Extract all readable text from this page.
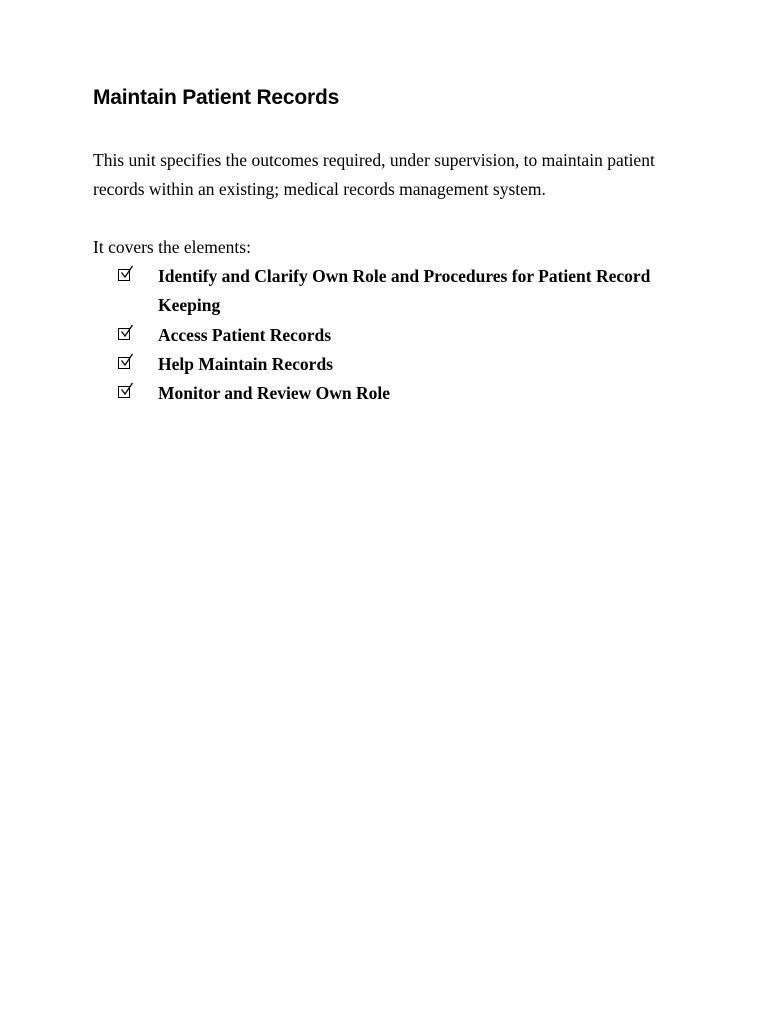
Maintain Patient Records

This unit specifies the outcomes required, under supervision, to maintain patient records within an existing; medical records management system.

It covers the elements:

Identify and Clarify Own Role and Procedures for Patient Record Keeping
Access Patient Records
Help Maintain Records
Monitor and Review Own Role
